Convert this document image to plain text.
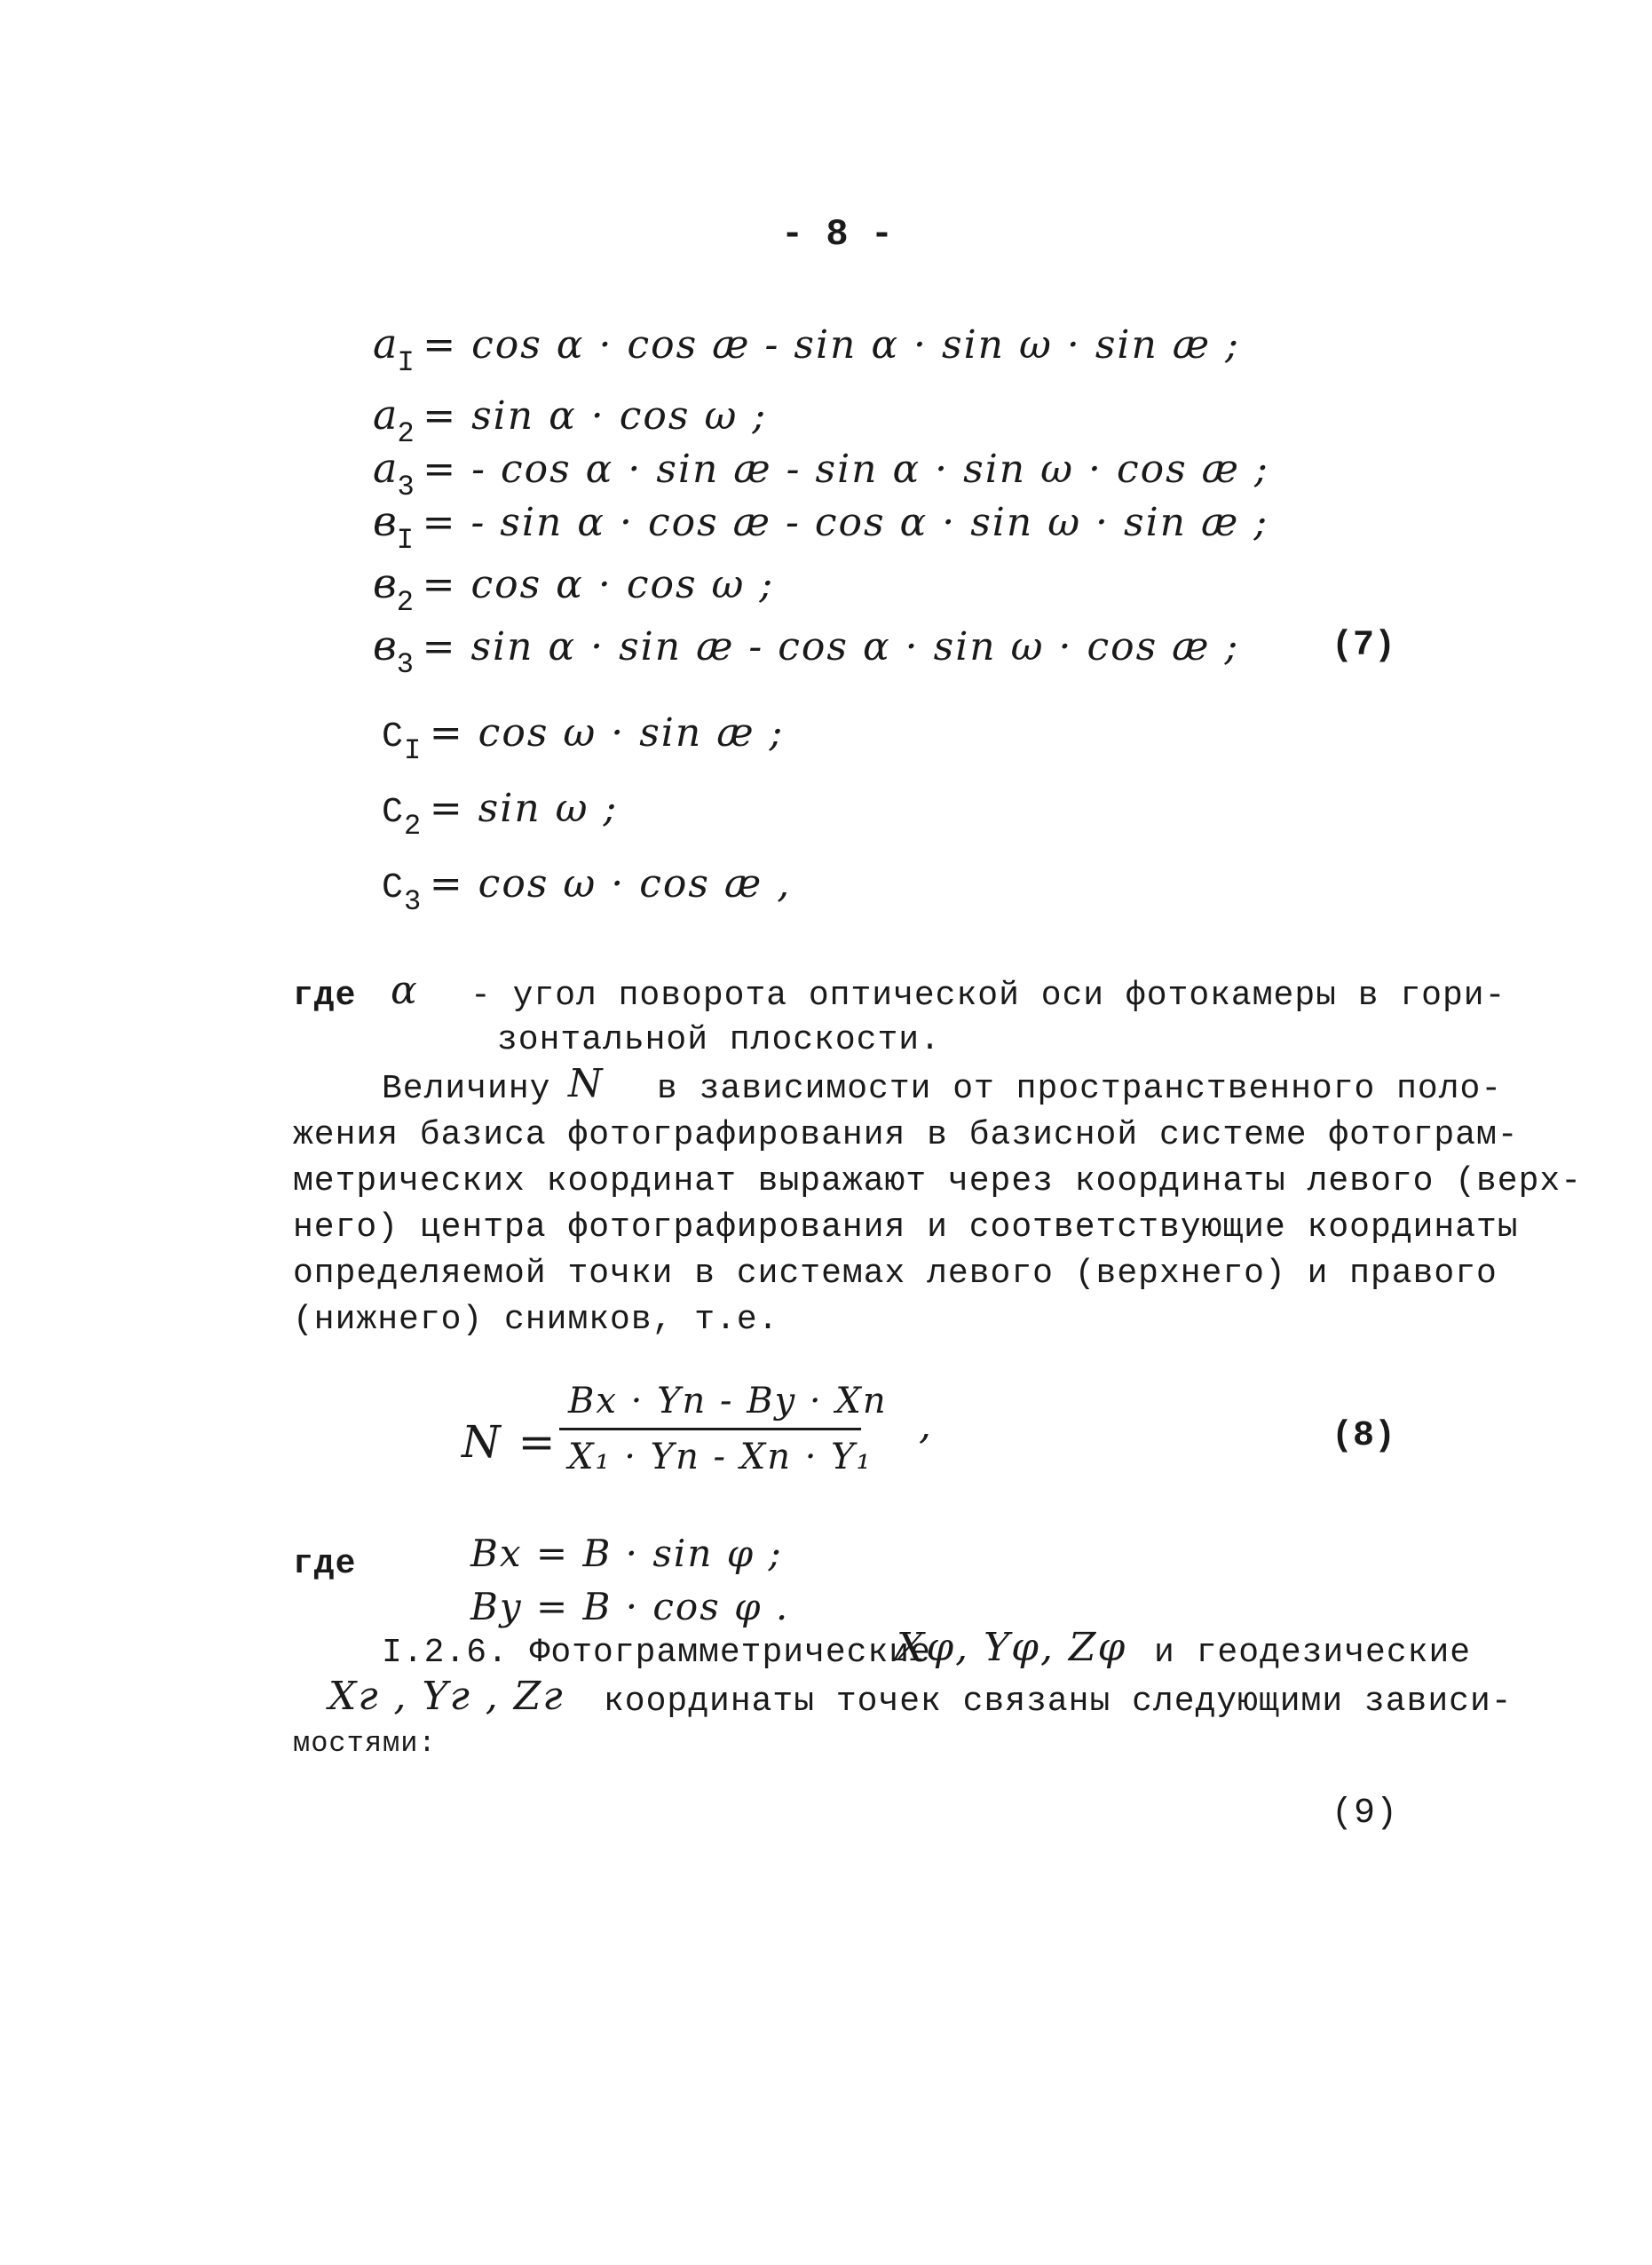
- 8 -
aI = cos α · cos æ - sin α · sin ω · sin æ ;
a2 = sin α · cos ω ;
a3 = - cos α · sin æ - sin α · sin ω · cos æ ;
вI = - sin α · cos æ - cos α · sin ω · sin æ ;
в2 = cos α · cos ω ;
в3 = sin α · sin æ - cos α · sin ω · cos æ ;	(7)
CI = cos ω · sin æ ;
C2 = sin ω ;
C3 = cos ω · cos æ ,
где α - угол поворота оптической оси фотокамеры в гори-
зонтальной плоскости.
Величину N в зависимости от пространственного поло-
жения базиса фотографирования в базисной системе фотограм-
метрических координат выражают через координаты левого (верх-
него) центра фотографирования и соответствующие координаты
определяемой точки в системах левого (верхнего) и правого
(нижнего) снимков, т.е.
N =
Bx · Yn - By · Xn
X₁ · Yn - Xn · Y₁
,	(8)
где	Bx = B · sin φ ;
By = B · cos φ .
I.2.6. Фотограмметрические
Xφ, Yφ, Zφ и геодезические
Xг , Yг , Zг координаты точек связаны следующими зависи-
мостями:
(9)
